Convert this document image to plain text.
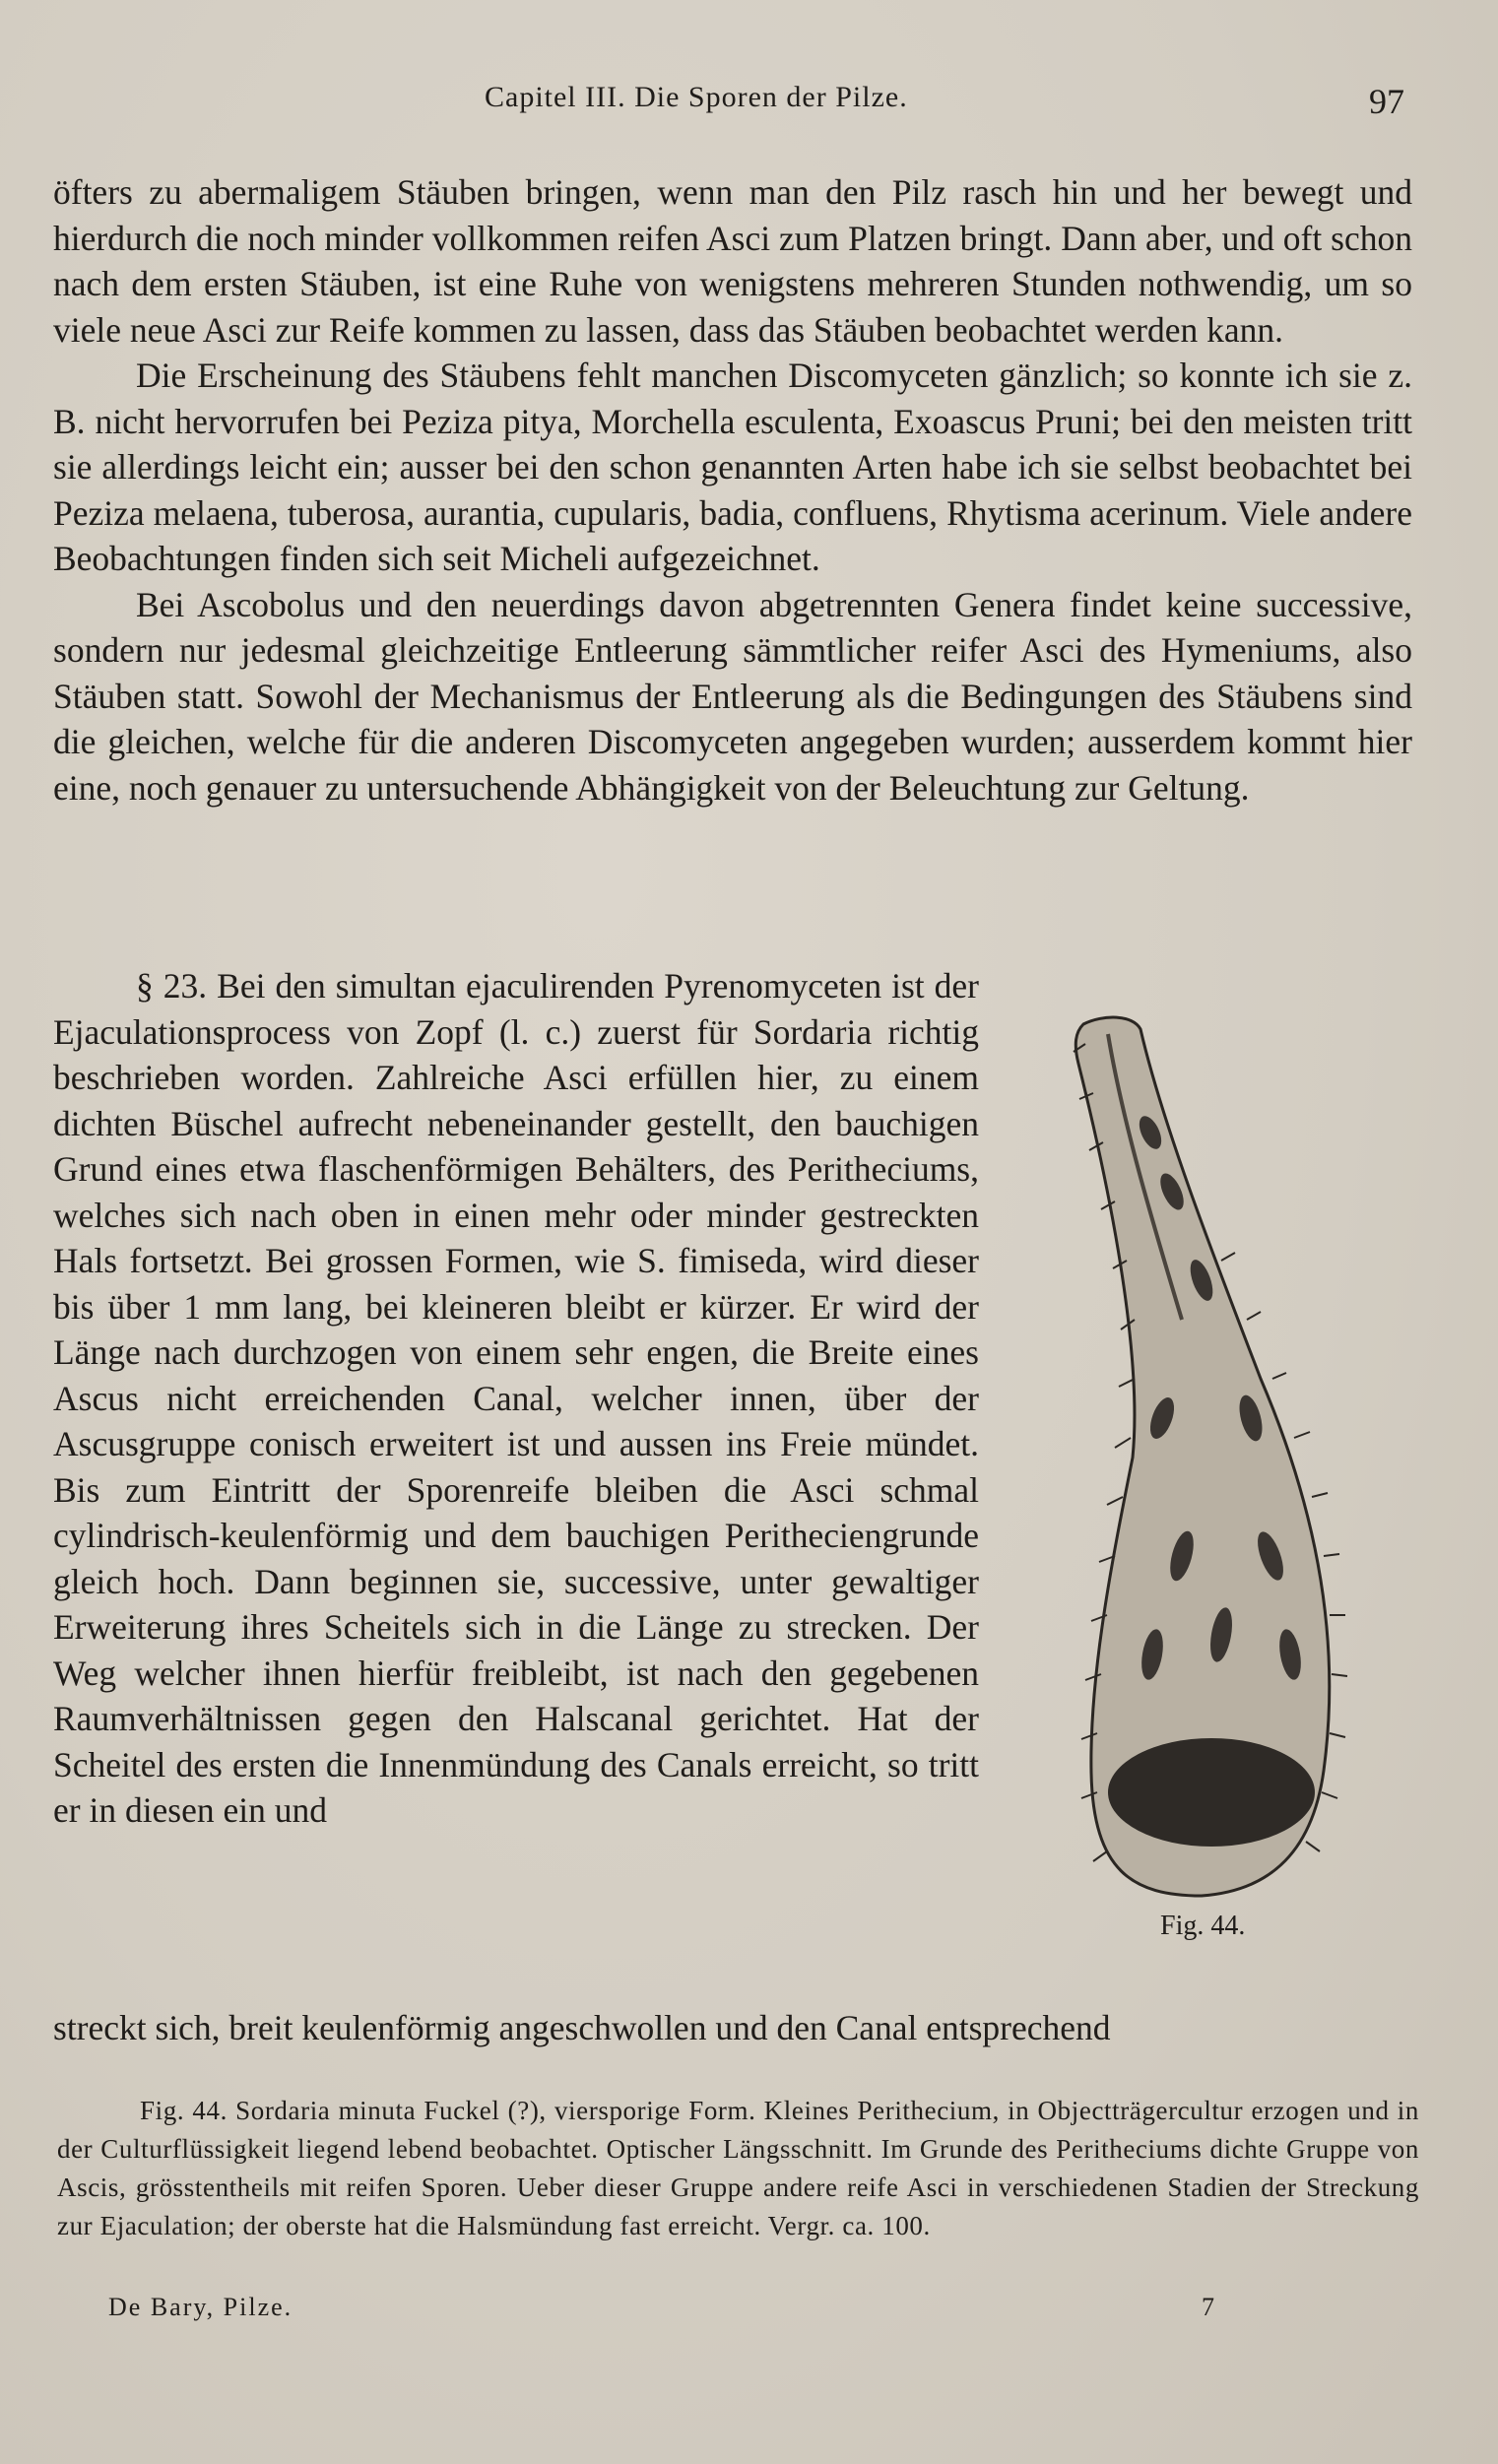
Capitel III. Die Sporen der Pilze.	97

öfters zu abermaligem Stäuben bringen, wenn man den Pilz rasch hin und her bewegt und hierdurch die noch minder vollkommen reifen Asci zum Platzen bringt. Dann aber, und oft schon nach dem ersten Stäuben, ist eine Ruhe von wenigstens mehreren Stunden nothwendig, um so viele neue Asci zur Reife kommen zu lassen, dass das Stäuben beobachtet werden kann.

Die Erscheinung des Stäubens fehlt manchen Discomyceten gänzlich; so konnte ich sie z. B. nicht hervorrufen bei Peziza pitya, Morchella esculenta, Exoascus Pruni; bei den meisten tritt sie allerdings leicht ein; ausser bei den schon genannten Arten habe ich sie selbst beobachtet bei Peziza melaena, tuberosa, aurantia, cupularis, badia, confluens, Rhytisma acerinum. Viele andere Beobachtungen finden sich seit Micheli aufgezeichnet.

Bei Ascobolus und den neuerdings davon abgetrennten Genera findet keine successive, sondern nur jedesmal gleichzeitige Entleerung sämmtlicher reifer Asci des Hymeniums, also Stäuben statt. Sowohl der Mechanismus der Entleerung als die Bedingungen des Stäubens sind die gleichen, welche für die anderen Discomyceten angegeben wurden; ausserdem kommt hier eine, noch genauer zu untersuchende Abhängigkeit von der Beleuchtung zur Geltung.

§ 23. Bei den simultan ejaculirenden Pyrenomyceten ist der Ejaculationsprocess von Zopf (l. c.) zuerst für Sordaria richtig beschrieben worden. Zahlreiche Asci erfüllen hier, zu einem dichten Büschel aufrecht nebeneinander gestellt, den bauchigen Grund eines etwa flaschenförmigen Behälters, des Peritheciums, welches sich nach oben in einen mehr oder minder gestreckten Hals fortsetzt. Bei grossen Formen, wie S. fimiseda, wird dieser bis über 1 mm lang, bei kleineren bleibt er kürzer. Er wird der Länge nach durchzogen von einem sehr engen, die Breite eines Ascus nicht erreichenden Canal, welcher innen, über der Ascusgruppe conisch erweitert ist und aussen ins Freie mündet. Bis zum Eintritt der Sporenreife bleiben die Asci schmal cylindrisch-keulenförmig und dem bauchigen Peritheciengrunde gleich hoch. Dann beginnen sie, successive, unter gewaltiger Erweiterung ihres Scheitels sich in die Länge zu strecken. Der Weg welcher ihnen hierfür freibleibt, ist nach den gegebenen Raumverhältnissen gegen den Halscanal gerichtet. Hat der Scheitel des ersten die Innenmündung des Canals erreicht, so tritt er in diesen ein und

streckt sich, breit keulenförmig angeschwollen und den Canal entsprechend

Fig. 44.

Fig. 44. Sordaria minuta Fuckel (?), viersporige Form. Kleines Perithecium, in Objectträgercultur erzogen und in der Culturflüssigkeit liegend lebend beobachtet. Optischer Längsschnitt. Im Grunde des Peritheciums dichte Gruppe von Ascis, grösstentheils mit reifen Sporen. Ueber dieser Gruppe andere reife Asci in verschiedenen Stadien der Streckung zur Ejaculation; der oberste hat die Halsmündung fast erreicht. Vergr. ca. 100.

De Bary, Pilze.	7
